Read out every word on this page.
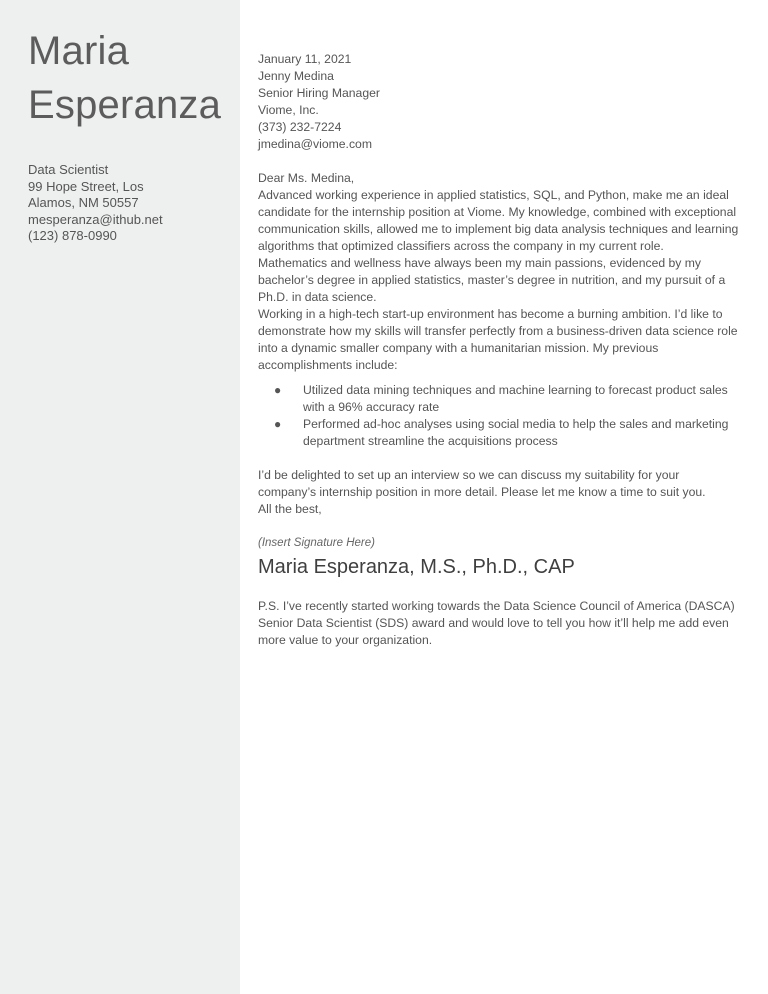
Maria
Esperanza
Data Scientist
99 Hope Street, Los
Alamos, NM 50557
mesperanza@ithub.net
(123) 878-0990

January 11, 2021

Jenny Medina
Senior Hiring Manager
Viome, Inc.
(373) 232-7224
jmedina@viome.com

Dear Ms. Medina,

Advanced working experience in applied statistics, SQL, and Python, make me an ideal candidate for the internship position at Viome. My knowledge, combined with exceptional communication skills, allowed me to implement big data analysis techniques and learning algorithms that optimized classifiers across the company in my current role.

Mathematics and wellness have always been my main passions, evidenced by my bachelor’s degree in applied statistics, master’s degree in nutrition, and my pursuit of a Ph.D. in data science.

Working in a high-tech start-up environment has become a burning ambition. I’d like to demonstrate how my skills will transfer perfectly from a business-driven data science role into a dynamic smaller company with a humanitarian mission. My previous accomplishments include:

● Utilized data mining techniques and machine learning to forecast product sales with a 96% accuracy rate
● Performed ad-hoc analyses using social media to help the sales and marketing department streamline the acquisitions process

I’d be delighted to set up an interview so we can discuss my suitability for your company’s internship position in more detail. Please let me know a time to suit you.

All the best,
(Insert Signature Here)
Maria Esperanza, M.S., Ph.D., CAP

P.S. I’ve recently started working towards the Data Science Council of America (DASCA) Senior Data Scientist (SDS) award and would love to tell you how it’ll help me add even more value to your organization.
